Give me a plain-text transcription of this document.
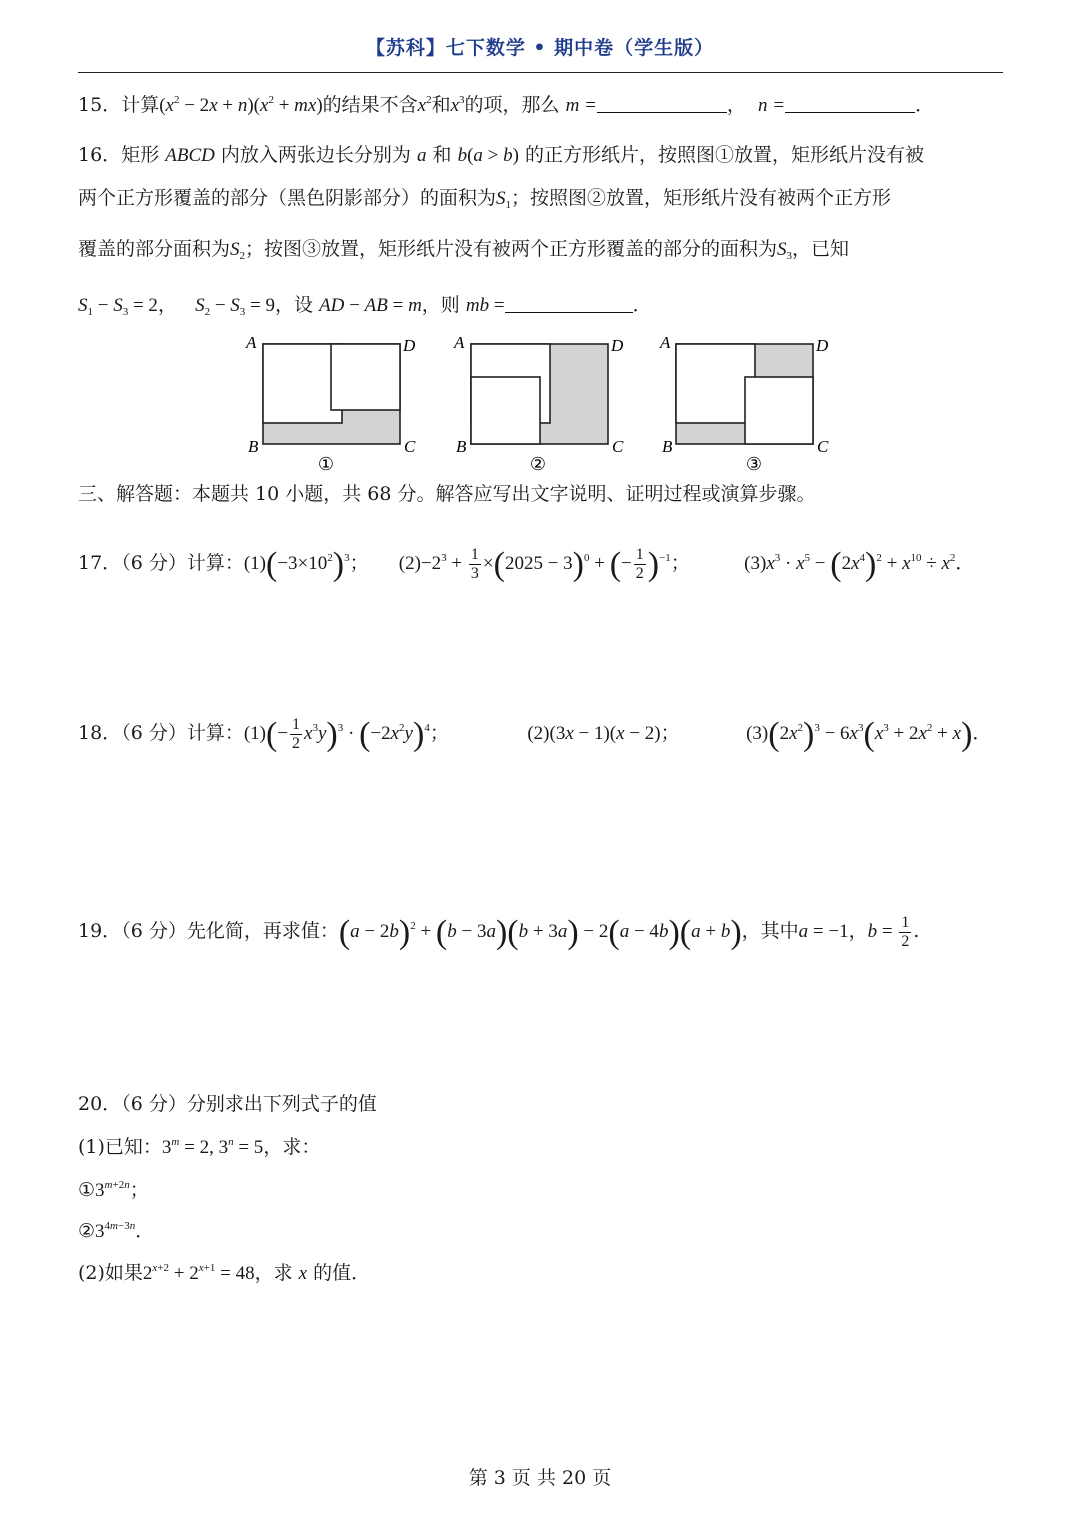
【苏科】七下数学 • 期中卷（学生版）
15．计算$(x^2 - 2x + n)(x^2 + mx)$的结果不含$x^2$和$x^3$的项，那么 m =	， n =	．
16．矩形 ABCD 内放入两张边长分别为 a 和 b(a > b) 的正方形纸片，按照图①放置，矩形纸片没有被
两个正方形覆盖的部分（黑色阴影部分）的面积为$S_1$；按照图②放置，矩形纸片没有被两个正方形
覆盖的部分面积为$S_2$；按图③放置，矩形纸片没有被两个正方形覆盖的部分的面积为$S_3$，已知
$S_1 - S_3 = 2$， $S_2 - S_3 = 9$，设 AD − AB = m，则 mb =	．
A	D
B	C
①
A	D
B	C
②
A	D
B	C
③
三、解答题：本题共 10 小题，共 68 分。解答应写出文字说明、证明过程或演算步骤。
17．（6 分）计算：$(1)(-3\times 10^2)^3$； $(2)-2^3 + \frac{1}{3} \times(2025 - 3)^0$ + (− $\frac{1}{2} )^{-1}$；	$(3)x^3 \cdot x^5 - (2x^4)^2 + x^{10} \div x^2$．
18．（6 分）计算：$(1)(- \frac{1}{2} x^3y)^3 \cdot (-2x^2y)^4$；	(2)(3x − 1)(x − 2)；	$(3)(2x^2)^3 - 6x^3(x^3 + 2x^2 + x)$．
19．（6 分）先化简，再求值：$(a - 2b)^2 + (b - 3a)(b + 3a) - 2(a - 4b)(a + b)$，其中a = −1，$b = \frac{1}{2}$ .
20．（6 分）分别求出下列式子的值
(1)已知：$3^m = 2$, $3^n = 5$，求：
$①3^{m+2n}$；
$②3^{4m-3n}$．
(2)如果$2^{x+2} + 2^{x+1} = 48$，求 x 的值．
第 3 页 共 20 页
